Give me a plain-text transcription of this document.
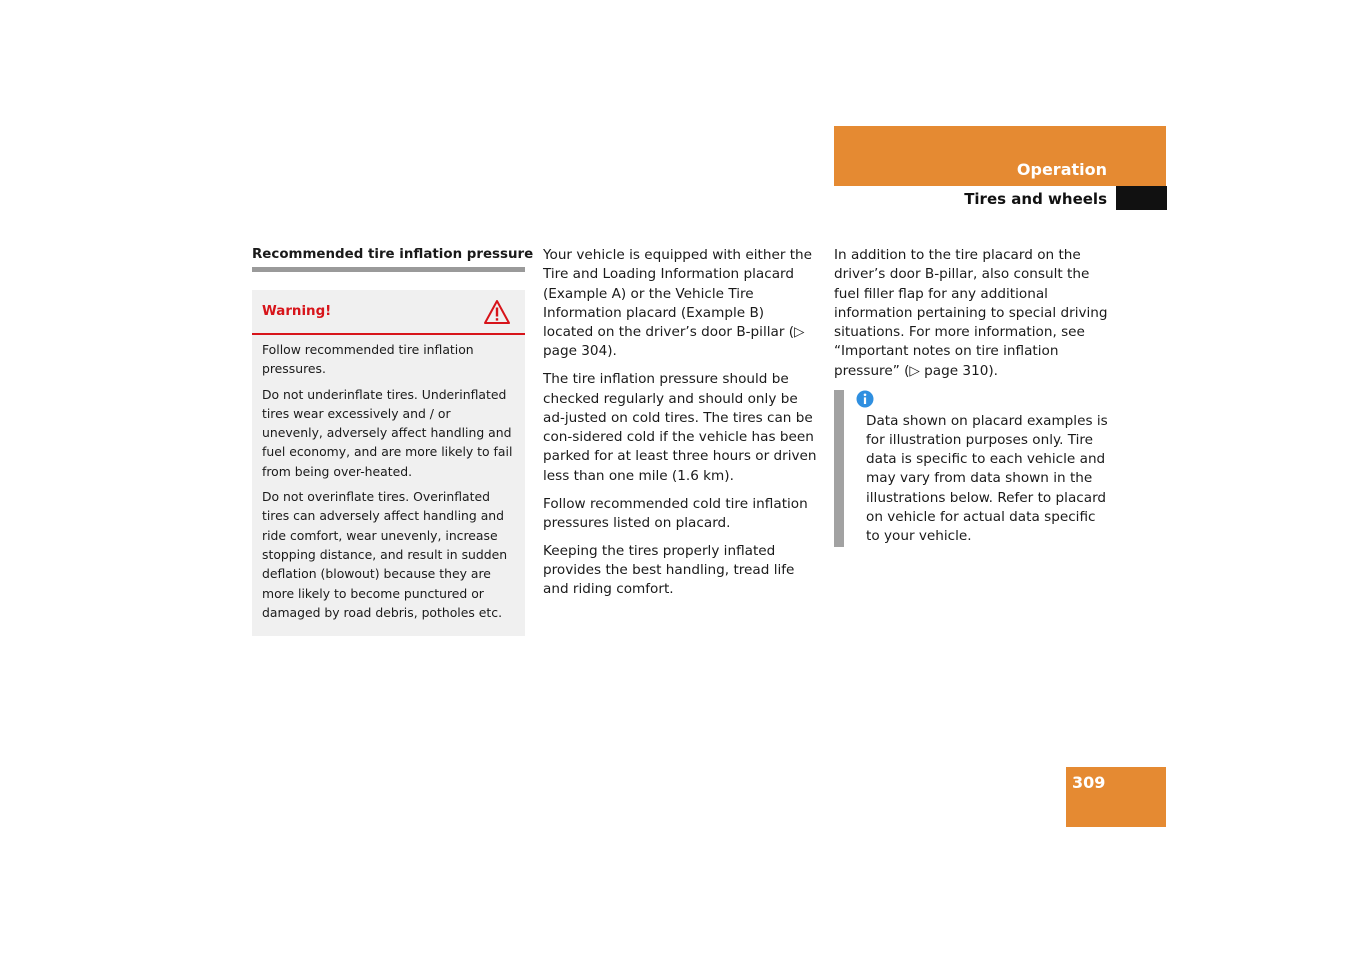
Operation
Tires and wheels
Recommended tire inflation pressure
Warning!

Follow recommended tire inflation pressures.

Do not underinflate tires. Underinflated tires wear excessively and / or unevenly, adversely affect handling and fuel economy, and are more likely to fail from being over-heated.

Do not overinflate tires. Overinflated tires can adversely affect handling and ride comfort, wear unevenly, increase stopping distance, and result in sudden deflation (blowout) because they are more likely to become punctured or damaged by road debris, potholes etc.

Your vehicle is equipped with either the Tire and Loading Information placard (Example A) or the Vehicle Tire Information placard (Example B) located on the driver’s door B-pillar (▷ page 304).

The tire inflation pressure should be checked regularly and should only be ad-justed on cold tires. The tires can be con-sidered cold if the vehicle has been parked for at least three hours or driven less than one mile (1.6 km).

Follow recommended cold tire inflation pressures listed on placard.

Keeping the tires properly inflated provides the best handling, tread life and riding comfort.

In addition to the tire placard on the driver’s door B-pillar, also consult the fuel filler flap for any additional information pertaining to special driving situations. For more information, see “Important notes on tire inflation pressure” (▷ page 310).

Data shown on placard examples is for illustration purposes only. Tire data is specific to each vehicle and may vary from data shown in the illustrations below. Refer to placard on vehicle for actual data specific to your vehicle.

309
